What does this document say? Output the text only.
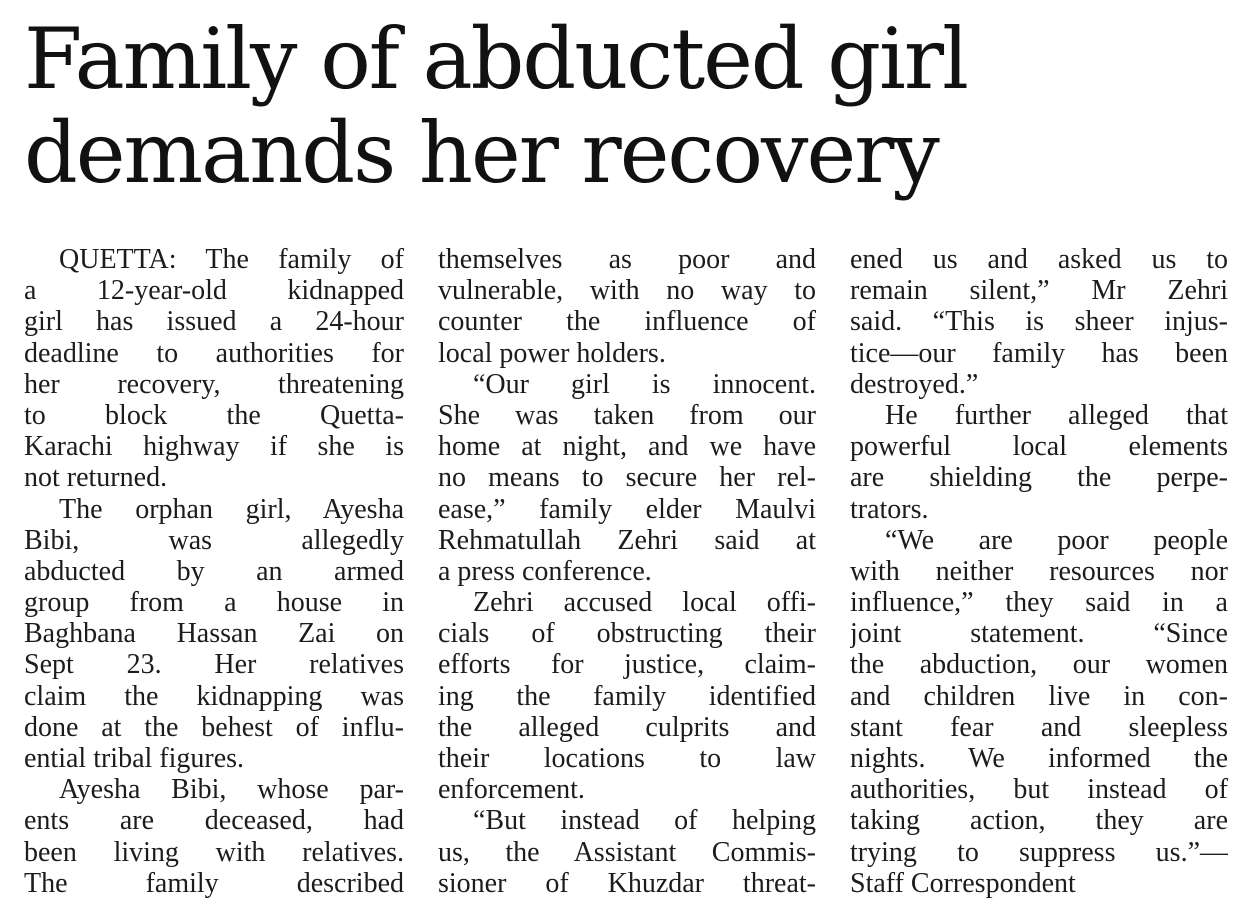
Family of abducted girl
demands her recovery
QUETTA: The family of
a 12-year-old kidnapped
girl has issued a 24-hour
deadline to authorities for
her recovery, threatening
to block the Quetta-
Karachi highway if she is
not returned.
The orphan girl, Ayesha
Bibi, was allegedly
abducted by an armed
group from a house in
Baghbana Hassan Zai on
Sept 23. Her relatives
claim the kidnapping was
done at the behest of influ-
ential tribal figures.
Ayesha Bibi, whose par-
ents are deceased, had
been living with relatives.
The family described
themselves as poor and
vulnerable, with no way to
counter the influence of
local power holders.
“Our girl is innocent.
She was taken from our
home at night, and we have
no means to secure her rel-
ease,” family elder Maulvi
Rehmatullah Zehri said at
a press conference.
Zehri accused local offi-
cials of obstructing their
efforts for justice, claim-
ing the family identified
the alleged culprits and
their locations to law
enforcement.
“But instead of helping
us, the Assistant Commis-
sioner of Khuzdar threat-
ened us and asked us to
remain silent,” Mr Zehri
said. “This is sheer injus-
tice—our family has been
destroyed.”
He further alleged that
powerful local elements
are shielding the perpe-
trators.
“We are poor people
with neither resources nor
influence,” they said in a
joint statement. “Since
the abduction, our women
and children live in con-
stant fear and sleepless
nights. We informed the
authorities, but instead of
taking action, they are
trying to suppress us.”—
Staff Correspondent
